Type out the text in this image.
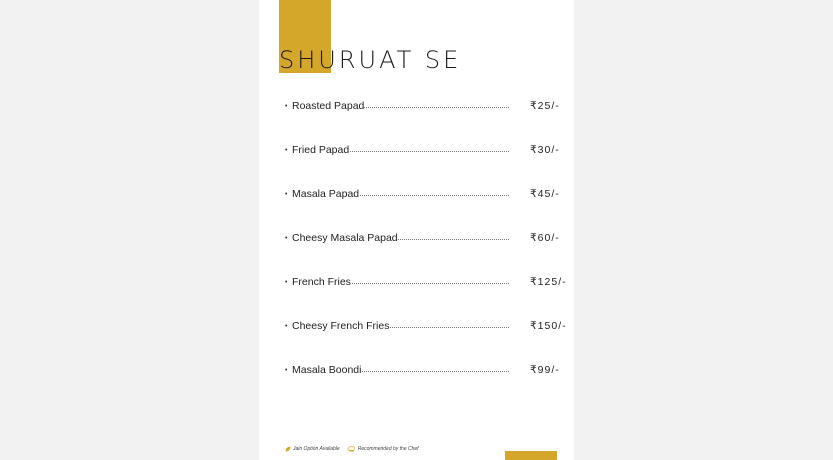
SHURUAT SE
• Roasted Papad	₹25/-
• Fried Papad	₹30/-
• Masala Papad	₹45/-
• Cheesy Masala Papad	₹60/-
• French Fries	₹125/-
• Cheesy French Fries	₹150/-
• Masala Boondi	₹99/-
Jain Option Available	Recommended by the Chef
